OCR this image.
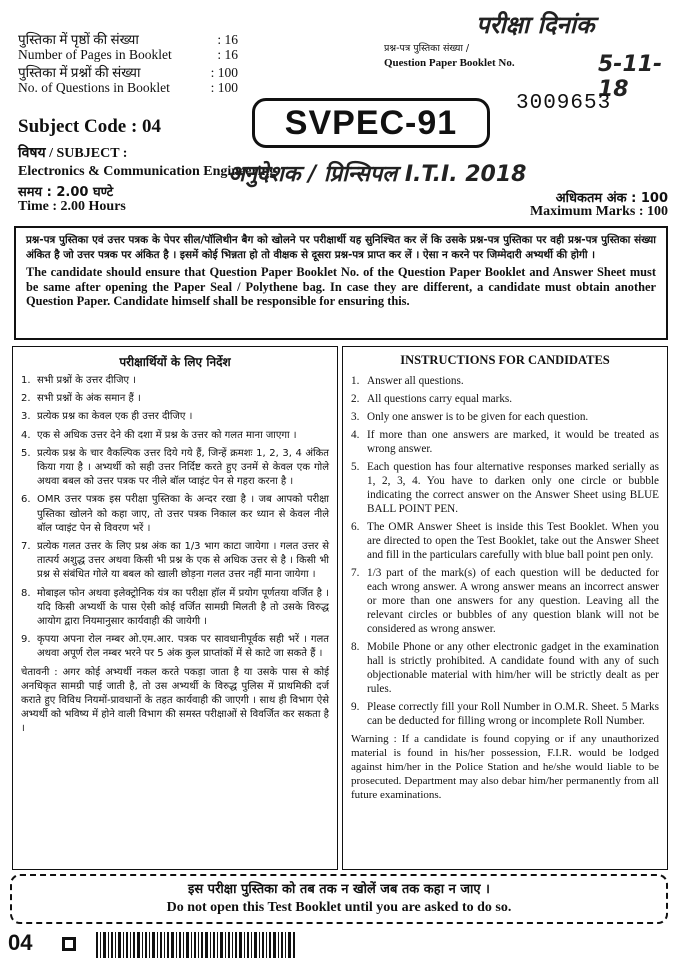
पुस्तिका में पृष्ठों की संख्या	: 16
Number of Pages in Booklet	: 16
पुस्तिका में प्रश्नों की संख्या	: 100
No. of Questions in Booklet	: 100
प्रश्न-पत्र पुस्तिका संख्या /
Question Paper Booklet No.
परीक्षा दिनांक
5-11-18
Subject Code : 04	SVPEC-91	3009653
विषय / SUBJECT :
Electronics & Communication Engineering
अनुदेशक / प्रिन्सिपल I.T.I. 2018
समय : 2.00 घण्टे
Time : 2.00 Hours
अधिकतम अंक : 100
Maximum Marks : 100
प्रश्न-पत्र पुस्तिका एवं उत्तर पत्रक के पेपर सील/पॉलिथीन बैग को खोलने पर परीक्षार्थी यह सुनिश्चित कर लें कि उसके प्रश्न-पत्र पुस्तिका पर वही प्रश्न-पत्र पुस्तिका संख्या अंकित है जो उत्तर पत्रक पर अंकित है । इसमें कोई भिन्नता हो तो वीक्षक से दूसरा प्रश्न-पत्र प्राप्त कर लें । ऐसा न करने पर जिम्मेदारी अभ्यर्थी की होगी ।
The candidate should ensure that Question Paper Booklet No. of the Question Paper Booklet and Answer Sheet must be same after opening the Paper Seal / Polythene bag. In case they are different, a candidate must obtain another Question Paper. Candidate himself shall be responsible for ensuring this.
परीक्षार्थियों के लिए निर्देश
1. सभी प्रश्नों के उत्तर दीजिए ।
2. सभी प्रश्नों के अंक समान हैं ।
3. प्रत्येक प्रश्न का केवल एक ही उत्तर दीजिए ।
4. एक से अधिक उत्तर देने की दशा में प्रश्न के उत्तर को गलत माना जाएगा ।
5. प्रत्येक प्रश्न के चार वैकल्पिक उत्तर दिये गये हैं, जिन्हें क्रमशः 1, 2, 3, 4 अंकित किया गया है । अभ्यर्थी को सही उत्तर निर्दिष्ट करते हुए उनमें से केवल एक गोले अथवा बबल को उत्तर पत्रक पर नीले बॉल प्वाइंट पेन से गहरा करना है ।
6. OMR उत्तर पत्रक इस परीक्षा पुस्तिका के अन्दर रखा है । जब आपको परीक्षा पुस्तिका खोलने को कहा जाए, तो उत्तर पत्रक निकाल कर ध्यान से केवल नीले बॉल प्वाइंट पेन से विवरण भरें ।
7. प्रत्येक गलत उत्तर के लिए प्रश्न अंक का 1/3 भाग काटा जायेगा । गलत उत्तर से तात्पर्य अशुद्ध उत्तर अथवा किसी भी प्रश्न के एक से अधिक उत्तर से है । किसी भी प्रश्न से संबंधित गोले या बबल को खाली छोड़ना गलत उत्तर नहीं माना जायेगा ।
8. मोबाइल फोन अथवा इलेक्ट्रोनिक यंत्र का परीक्षा हॉल में प्रयोग पूर्णतया वर्जित है । यदि किसी अभ्यर्थी के पास ऐसी कोई वर्जित सामग्री मिलती है तो उसके विरुद्ध आयोग द्वारा नियमानुसार कार्यवाही की जायेगी ।
9. कृपया अपना रोल नम्बर ओ.एम.आर. पत्रक पर सावधानीपूर्वक सही भरें । गलत अथवा अपूर्ण रोल नम्बर भरने पर 5 अंक कुल प्राप्तांकों में से काटे जा सकते हैं ।
चेतावनी : अगर कोई अभ्यर्थी नकल करते पकड़ा जाता है या उसके पास से कोई अनधिकृत सामग्री पाई जाती है, तो उस अभ्यर्थी के विरुद्ध पुलिस में प्राथमिकी दर्ज कराते हुए विविध नियमों-प्रावधानों के तहत कार्यवाही की जाएगी । साथ ही विभाग ऐसे अभ्यर्थी को भविष्य में होने वाली विभाग की समस्त परीक्षाओं से विवर्जित कर सकता है ।
INSTRUCTIONS FOR CANDIDATES
1. Answer all questions.
2. All questions carry equal marks.
3. Only one answer is to be given for each question.
4. If more than one answers are marked, it would be treated as wrong answer.
5. Each question has four alternative responses marked serially as 1, 2, 3, 4. You have to darken only one circle or bubble indicating the correct answer on the Answer Sheet using BLUE BALL POINT PEN.
6. The OMR Answer Sheet is inside this Test Booklet. When you are directed to open the Test Booklet, take out the Answer Sheet and fill in the particulars carefully with blue ball point pen only.
7. 1/3 part of the mark(s) of each question will be deducted for each wrong answer. A wrong answer means an incorrect answer or more than one answers for any question. Leaving all the relevant circles or bubbles of any question blank will not be considered as wrong answer.
8. Mobile Phone or any other electronic gadget in the examination hall is strictly prohibited. A candidate found with any of such objectionable material with him/her will be strictly dealt as per rules.
9. Please correctly fill your Roll Number in O.M.R. Sheet. 5 Marks can be deducted for filling wrong or incomplete Roll Number.
Warning : If a candidate is found copying or if any unauthorized material is found in his/her possession, F.I.R. would be lodged against him/her in the Police Station and he/she would liable to be prosecuted. Department may also debar him/her permanently from all future examinations.
इस परीक्षा पुस्तिका को तब तक न खोलें जब तक कहा न जाए ।
Do not open this Test Booklet until you are asked to do so.
04
